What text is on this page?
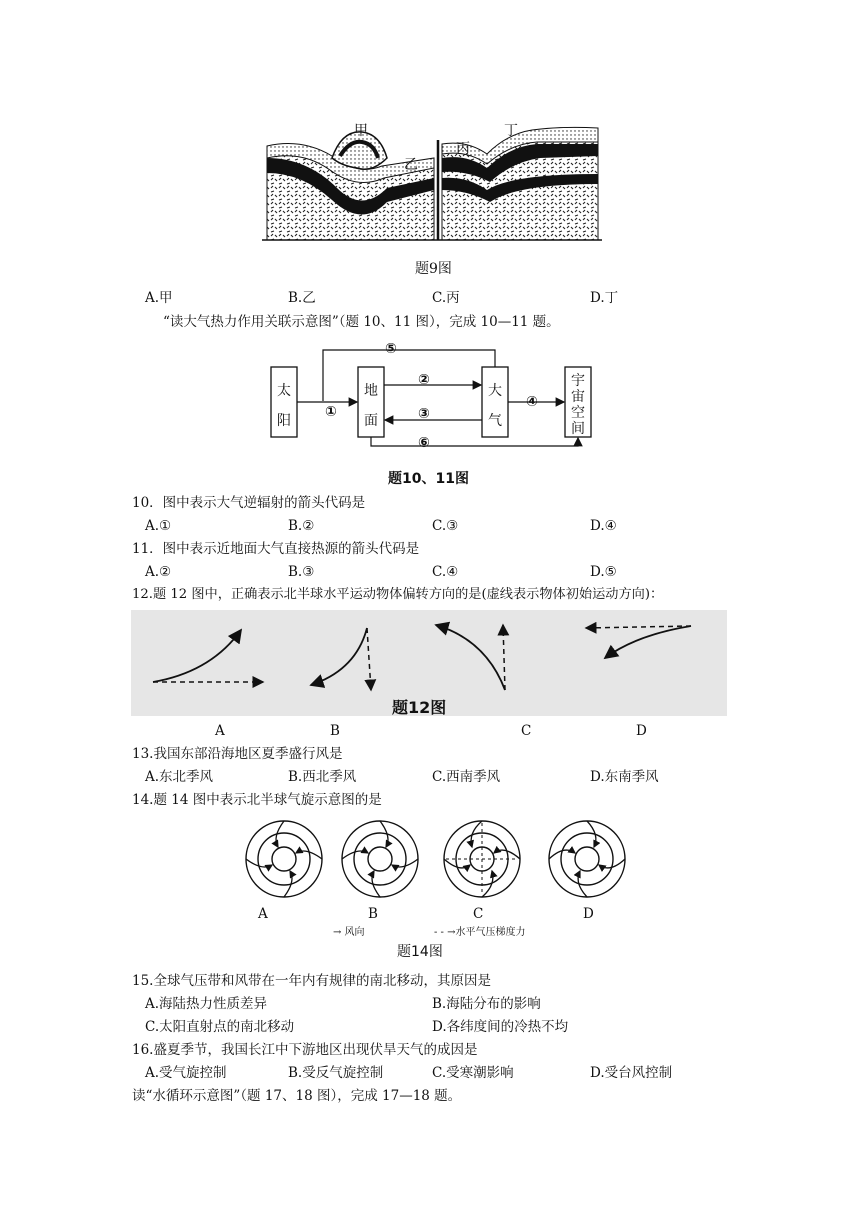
甲
乙
丙
丁
题9图
A.甲	B.乙	C.丙	D.丁
“读大气热力作用关联示意图”（题 10、11 图），完成 10—11 题。
太
阳
地
面
大
气
宇
宙
空
间
①
②
③
④
⑤
⑥
题10、11图
10．图中表示大气逆辐射的箭头代码是
A.①	B.②	C.③	D.④
11．图中表示近地面大气直接热源的箭头代码是
A.②	B.③	C.④	D.⑤
12.题 12 图中，正确表示北半球水平运动物体偏转方向的是(虚线表示物体初始运动方向)：
题12图
A	B	C	D
13.我国东部沿海地区夏季盛行风是
A.东北季风	B.西北季风	C.西南季风	D.东南季风
14.题 14 图中表示北半球气旋示意图的是
A	B	C	D
→ 风向	- - →水平气压梯度力
题14图
15.全球气压带和风带在一年内有规律的南北移动，其原因是
A.海陆热力性质差异	B.海陆分布的影响
C.太阳直射点的南北移动	D.各纬度间的冷热不均
16.盛夏季节，我国长江中下游地区出现伏旱天气的成因是
A.受气旋控制	B.受反气旋控制	C.受寒潮影响	D.受台风控制
读“水循环示意图”（题 17、18 图），完成 17—18 题。
